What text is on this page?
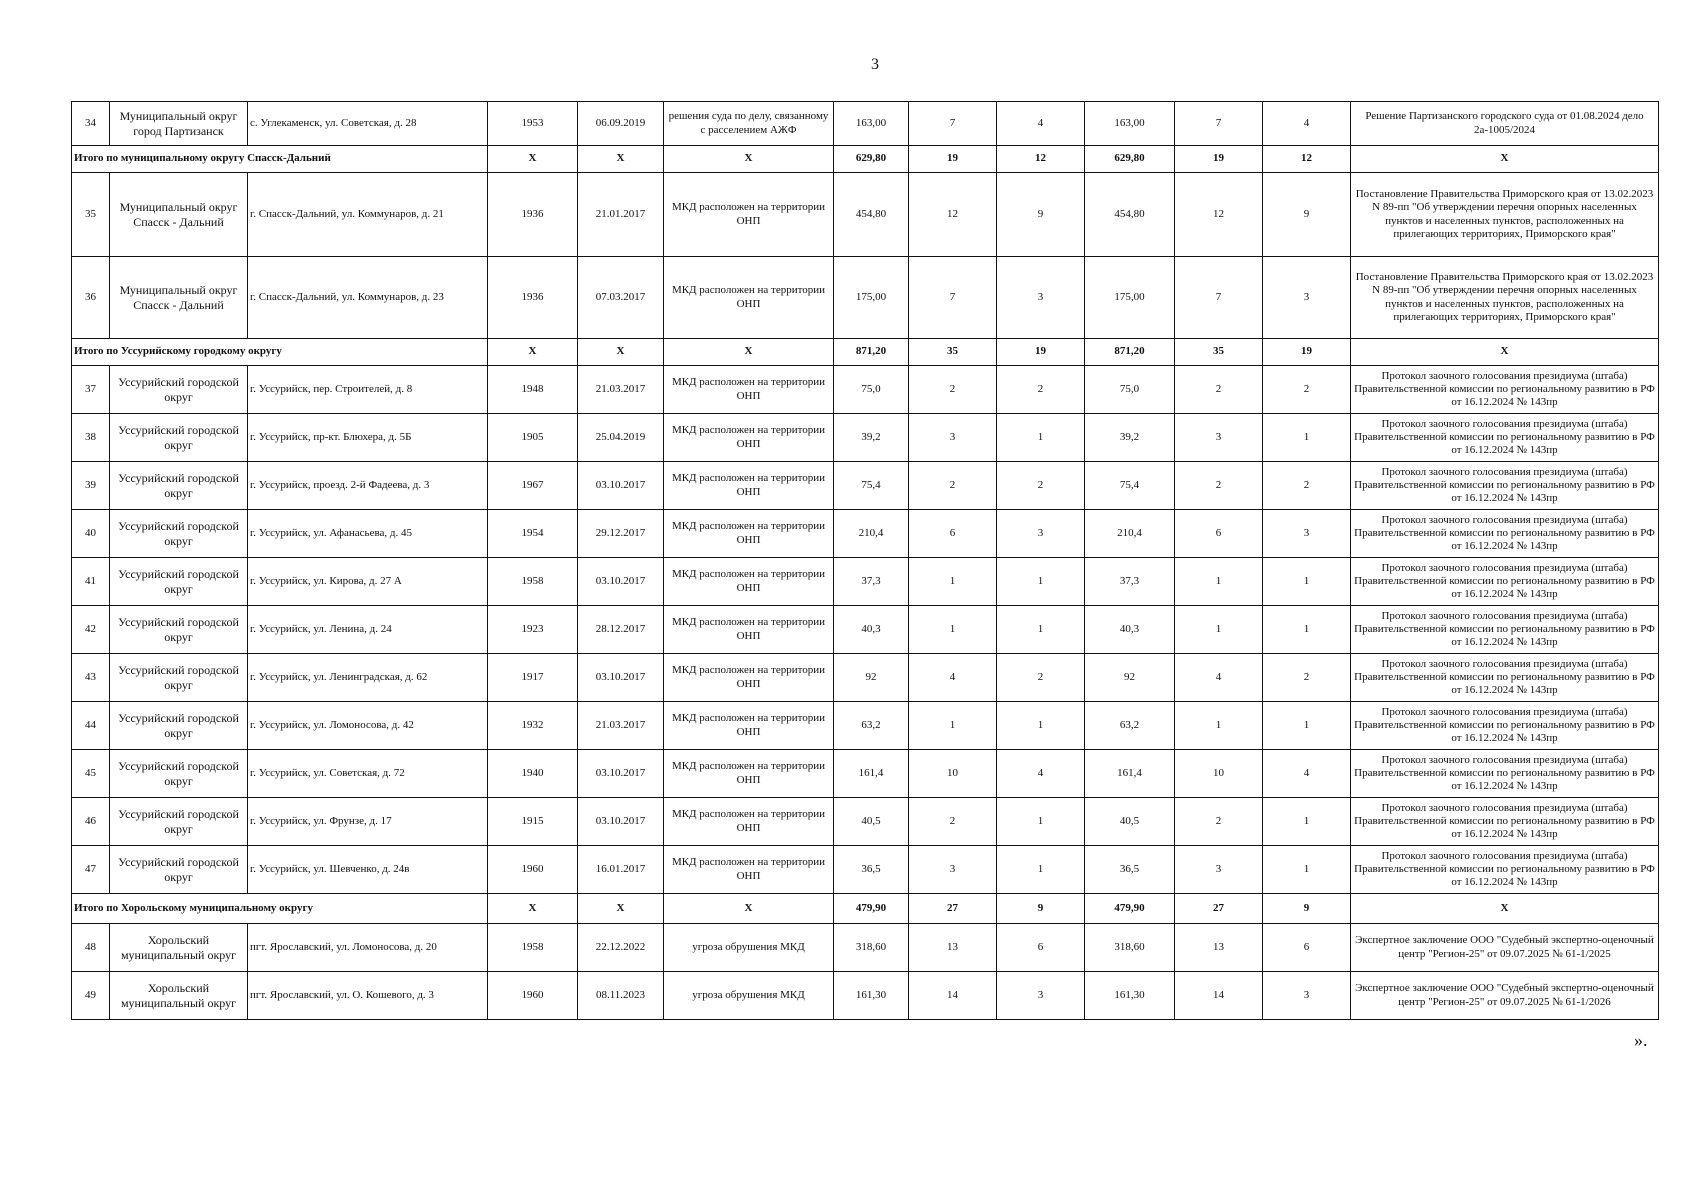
3
34	Муниципальный округ город Партизанск	с. Углекаменск, ул. Советская, д. 28	1953	06.09.2019	решения суда по делу, связанному с расселением АЖФ	163,00	7	4	163,00	7	4	Решение Партизанского городского суда от 01.08.2024 дело 2а-1005/2024
Итого по муниципальному округу Спасск-Дальний			Х	Х	Х	629,80	19	12	629,80	19	12	Х
35	Муниципальный округ Спасск - Дальний	г. Спасск-Дальний, ул. Коммунаров, д. 21	1936	21.01.2017	МКД расположен на территории ОНП	454,80	12	9	454,80	12	9	Постановление Правительства Приморского края от 13.02.2023 N 89-пп "Об утверждении перечня опорных населенных пунктов и населенных пунктов, расположенных на прилегающих территориях, Приморского края"
36	Муниципальный округ Спасск - Дальний	г. Спасск-Дальний, ул. Коммунаров, д. 23	1936	07.03.2017	МКД расположен на территории ОНП	175,00	7	3	175,00	7	3	Постановление Правительства Приморского края от 13.02.2023 N 89-пп "Об утверждении перечня опорных населенных пунктов и населенных пунктов, расположенных на прилегающих территориях, Приморского края"
Итого по Уссурийскому городкому округу			Х	Х	Х	871,20	35	19	871,20	35	19	Х
37	Уссурийский городской округ	г. Уссурийск, пер. Строителей, д. 8	1948	21.03.2017	МКД расположен на территории ОНП	75,0	2	2	75,0	2	2	Протокол заочного голосования президиума (штаба) Правительственной комиссии по региональному развитию в РФ от 16.12.2024 № 143пр
38	Уссурийский городской округ	г. Уссурийск, пр-кт. Блюхера, д. 5Б	1905	25.04.2019	МКД расположен на территории ОНП	39,2	3	1	39,2	3	1	Протокол заочного голосования президиума (штаба) Правительственной комиссии по региональному развитию в РФ от 16.12.2024 № 143пр
39	Уссурийский городской округ	г. Уссурийск, проезд. 2-й Фадеева, д. 3	1967	03.10.2017	МКД расположен на территории ОНП	75,4	2	2	75,4	2	2	Протокол заочного голосования президиума (штаба) Правительственной комиссии по региональному развитию в РФ от 16.12.2024 № 143пр
40	Уссурийский городской округ	г. Уссурийск, ул. Афанасьева, д. 45	1954	29.12.2017	МКД расположен на территории ОНП	210,4	6	3	210,4	6	3	Протокол заочного голосования президиума (штаба) Правительственной комиссии по региональному развитию в РФ от 16.12.2024 № 143пр
41	Уссурийский городской округ	г. Уссурийск, ул. Кирова, д. 27 А	1958	03.10.2017	МКД расположен на территории ОНП	37,3	1	1	37,3	1	1	Протокол заочного голосования президиума (штаба) Правительственной комиссии по региональному развитию в РФ от 16.12.2024 № 143пр
42	Уссурийский городской округ	г. Уссурийск, ул. Ленина, д. 24	1923	28.12.2017	МКД расположен на территории ОНП	40,3	1	1	40,3	1	1	Протокол заочного голосования президиума (штаба) Правительственной комиссии по региональному развитию в РФ от 16.12.2024 № 143пр
43	Уссурийский городской округ	г. Уссурийск, ул. Ленинградская, д. 62	1917	03.10.2017	МКД расположен на территории ОНП	92	4	2	92	4	2	Протокол заочного голосования президиума (штаба) Правительственной комиссии по региональному развитию в РФ от 16.12.2024 № 143пр
44	Уссурийский городской округ	г. Уссурийск, ул. Ломоносова, д. 42	1932	21.03.2017	МКД расположен на территории ОНП	63,2	1	1	63,2	1	1	Протокол заочного голосования президиума (штаба) Правительственной комиссии по региональному развитию в РФ от 16.12.2024 № 143пр
45	Уссурийский городской округ	г. Уссурийск, ул. Советская, д. 72	1940	03.10.2017	МКД расположен на территории ОНП	161,4	10	4	161,4	10	4	Протокол заочного голосования президиума (штаба) Правительственной комиссии по региональному развитию в РФ от 16.12.2024 № 143пр
46	Уссурийский городской округ	г. Уссурийск, ул. Фрунзе, д. 17	1915	03.10.2017	МКД расположен на территории ОНП	40,5	2	1	40,5	2	1	Протокол заочного голосования президиума (штаба) Правительственной комиссии по региональному развитию в РФ от 16.12.2024 № 143пр
47	Уссурийский городской округ	г. Уссурийск, ул. Шевченко, д. 24в	1960	16.01.2017	МКД расположен на территории ОНП	36,5	3	1	36,5	3	1	Протокол заочного голосования президиума (штаба) Правительственной комиссии по региональному развитию в РФ от 16.12.2024 № 143пр
Итого по Хорольскому муниципальному округу			Х	Х	Х	479,90	27	9	479,90	27	9	Х
48	Хорольский муниципальный округ	пгт. Ярославский, ул. Ломоносова, д. 20	1958	22.12.2022	угроза обрушения МКД	318,60	13	6	318,60	13	6	Экспертное заключение ООО "Судебный экспертно-оценочный центр "Регион-25" от 09.07.2025 № 61-1/2025
49	Хорольский муниципальный округ	пгт. Ярославский, ул. О. Кошевого, д. 3	1960	08.11.2023	угроза обрушения МКД	161,30	14	3	161,30	14	3	Экспертное заключение ООО "Судебный экспертно-оценочный центр "Регион-25" от 09.07.2025 № 61-1/2026
».
